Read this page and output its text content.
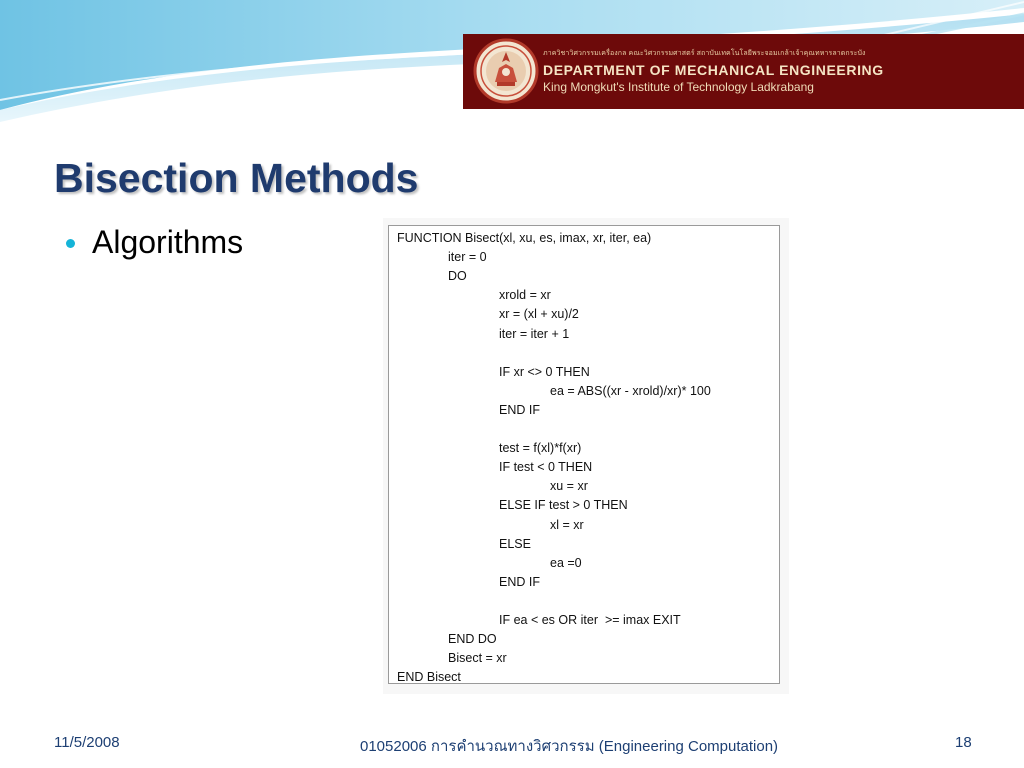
ภาควิชาวิศวกรรมเครื่องกล คณะวิศวกรรมศาสตร์ สถาบันเทคโนโลยีพระจอมเกล้าเจ้าคุณทหารลาดกระบัง
DEPARTMENT OF MECHANICAL ENGINEERING
King Mongkut's Institute of Technology Ladkrabang
Bisection Methods
Algorithms	FUNCTION Bisect(xl, xu, es, imax, xr, iter, ea)
iter = 0
DO
xrold = xr
xr = (xl + xu)/2
iter = iter + 1
IF xr <> 0 THEN
ea = ABS((xr - xrold)/xr)* 100
END IF
test = f(xl)*f(xr)
IF test < 0 THEN
xu = xr
ELSE IF test > 0 THEN
xl = xr
ELSE
ea =0
END IF
IF ea < es OR iter  >= imax EXIT
END DO
Bisect = xr
END Bisect
11/5/2008	01052006 การคำนวณทางวิศวกรรม (Engineering Computation)	18
